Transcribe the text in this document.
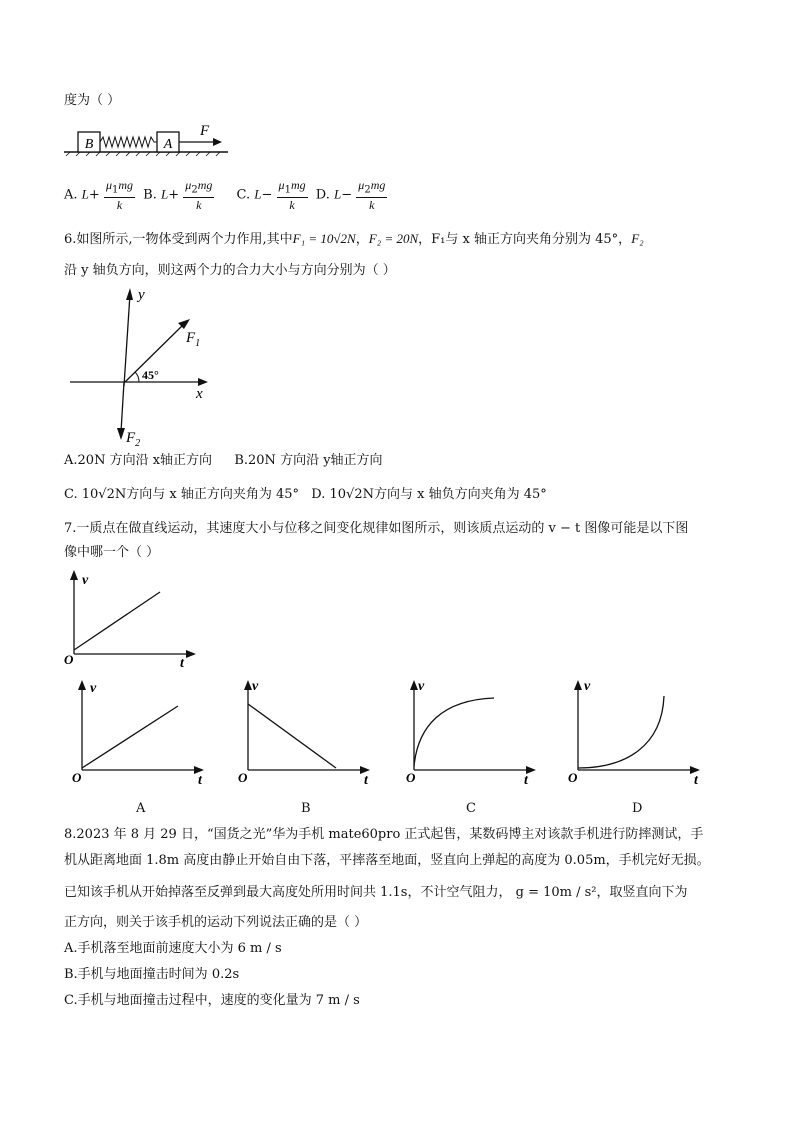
度为（ ）
B	A
F
A. $L+ \frac{\mu_1mg}{k} B$. $L+ \frac{\mu_2mg}{k} C$. $L- \frac{\mu_1mg}{k} D$. $L- \frac{\mu_2mg}{k}$
6.如图所示,一物体受到两个力作用,其中F₁ = 10√2N，F₂ = 20N，F₁与 x 轴正方向夹角分别为 45°，F₂
沿 y 轴负方向，则这两个力的合力大小与方向分别为（ ）
x
y
$F_1$
45°
$F_2$
A.20N 方向沿 x轴正方向 B.20N 方向沿 y轴正方向
C. 10√2N方向与 x 轴正方向夹角为 45° D. 10√2N方向与 x 轴负方向夹角为 45°
7.一质点在做直线运动，其速度大小与位移之间变化规律如图所示，则该质点运动的 v − t 图像可能是以下图
像中哪一个（ ）
v
t
O
v
t
O
v
t
O
v
t
O
v
t
O
A	B	C	D
8.2023 年 8 月 29 日，“国货之光”华为手机 mate60pro 正式起售，某数码博主对该款手机进行防摔测试，手
机从距离地面 1.8m 高度由静止开始自由下落，平摔落至地面，竖直向上弹起的高度为 0.05m，手机完好无损。
已知该手机从开始掉落至反弹到最大高度处所用时间共 1.1s，不计空气阻力， g = 10m / s²，取竖直向下为
正方向，则关于该手机的运动下列说法正确的是（ ）
A.手机落至地面前速度大小为 6 m / s
B.手机与地面撞击时间为 0.2s
C.手机与地面撞击过程中，速度的变化量为 7 m / s
